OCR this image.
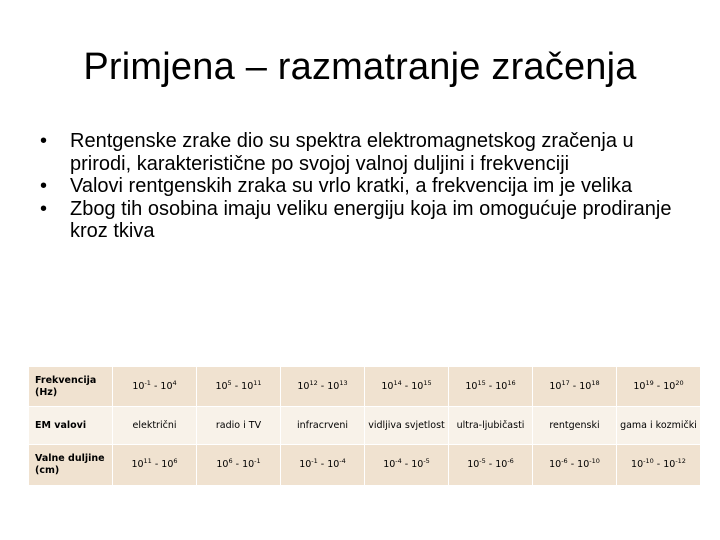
Primjena – razmatranje zračenja
•	Rentgenske zrake dio su spektra elektromagnetskog zračenja u prirodi, karakteristične po svojoj valnoj duljini i frekvenciji
•	Valovi rentgenskih zraka su vrlo kratki, a frekvencija im je velika
•	Zbog tih osobina imaju veliku energiju koja im omogućuje prodiranje kroz tkiva
Frekvencija (Hz)	$10^{-1} - 10^4$	$10^5 - 10^{11}$	$10^{12} - 10^{13}$	$10^{14} - 10^{15}$	$10^{15} - 10^{16}$	$10^{17} - 10^{18}$	$10^{19} - 10^{20}$
EM valovi	električni	radio i TV	infracrveni	vidljiva svjetlost	ultra-ljubičasti	rentgenski	gama i kozmički
Valne duljine (cm)	$10^{11} - 10^6$	$10^6 - 10^{-1}$	$10^{-1} - 10^{-4}$	$10^{-4} - 10^{-5}$	$10^{-5} - 10^{-6}$	$10^{-6} - 10^{-10}$	$10^{-10} - 10^{-12}$
